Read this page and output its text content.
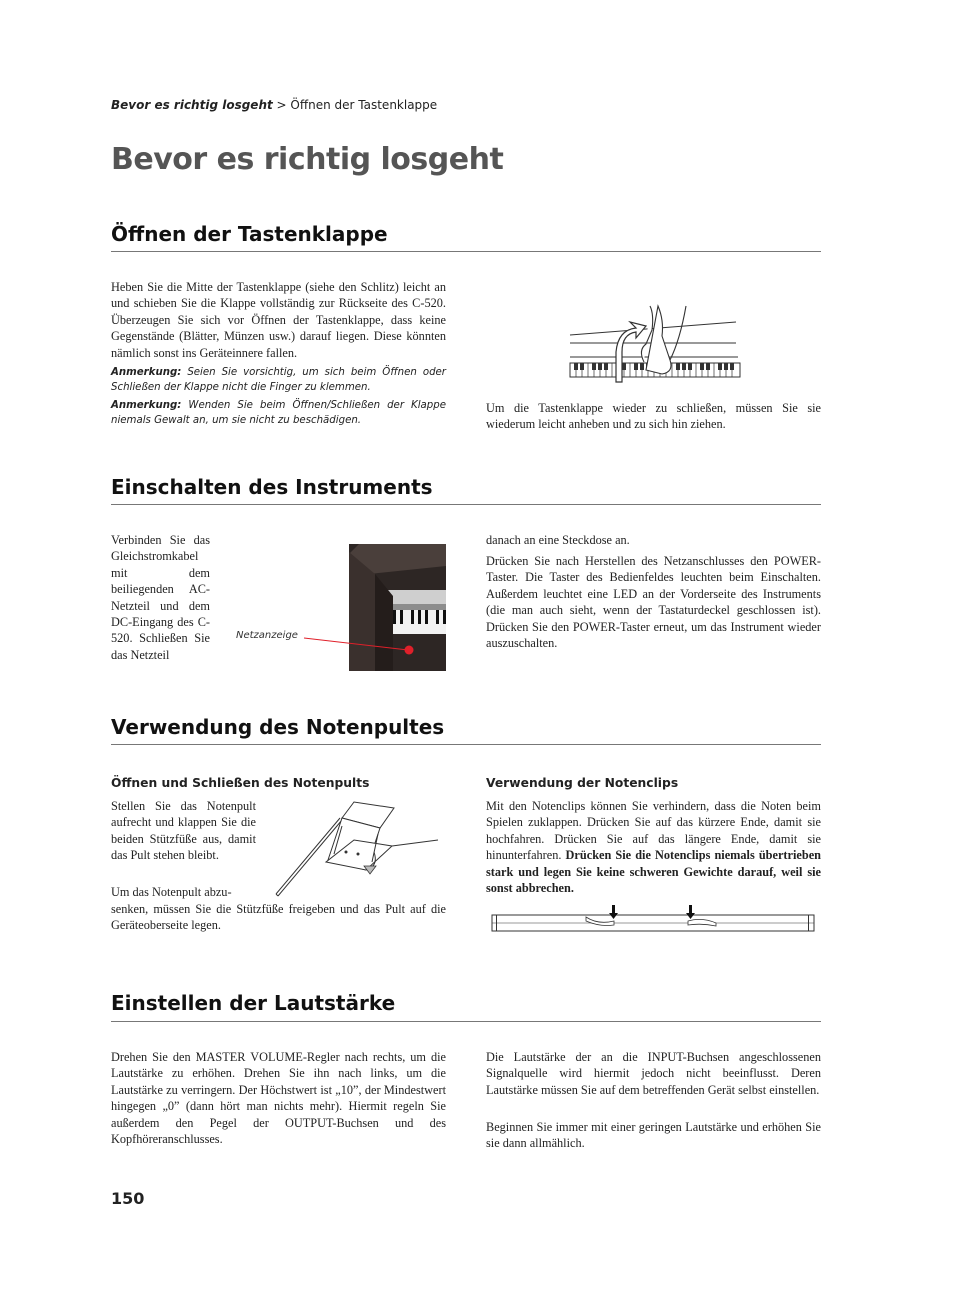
Bevor es richtig losgeht > Öffnen der Tastenklappe
Bevor es richtig losgeht
Öffnen der Tastenklappe
Heben Sie die Mitte der Tastenklappe (siehe den Schlitz) leicht an und schieben Sie die Klappe vollständig zur Rückseite des C-520. Überzeugen Sie sich vor Öffnen der Tastenklappe, dass keine Gegenstände (Blätter, Münzen usw.) darauf liegen. Diese könnten nämlich sonst ins Geräteinnere fallen.
Anmerkung: Seien Sie vorsichtig, um sich beim Öffnen oder Schließen der Klappe nicht die Finger zu klemmen.
Anmerkung: Wenden Sie beim Öffnen/Schließen der Klappe niemals Gewalt an, um sie nicht zu beschädigen.
Um die Tastenklappe wieder zu schließen, müssen Sie sie wiederum leicht anheben und zu sich hin ziehen.
Einschalten des Instruments
Verbinden Sie das Gleichstromkabel mit dem beiliegenden AC-Netzteil und dem DC-Eingang des C-520. Schließen Sie das Netzteil
Netzanzeige
danach an eine Steckdose an.
Drücken Sie nach Herstellen des Netzanschlusses den POWER-Taster. Die Taster des Bedienfeldes leuchten beim Einschalten. Außerdem leuchtet eine LED an der Vorderseite des Instruments (die man auch sieht, wenn der Tastaturdeckel geschlossen ist). Drücken Sie den POWER-Taster erneut, um das Instrument wieder auszuschalten.
Verwendung des Notenpultes
Öffnen und Schließen des Notenpults
Stellen Sie das Notenpult aufrecht und klappen Sie die beiden Stützfüße aus, damit das Pult stehen bleibt.
Um das Notenpult abzu-
senken, müssen Sie die Stützfüße freigeben und das Pult auf die Geräteoberseite legen.
Verwendung der Notenclips
Mit den Notenclips können Sie verhindern, dass die Noten beim Spielen zuklappen. Drücken Sie auf das kürzere Ende, damit sie hochfahren. Drücken Sie auf das längere Ende, damit sie hinunterfahren. Drücken Sie die Notenclips niemals übertrieben stark und legen Sie keine schweren Gewichte darauf, weil sie sonst abbrechen.
Einstellen der Lautstärke
Drehen Sie den MASTER VOLUME-Regler nach rechts, um die Lautstärke zu erhöhen. Drehen Sie ihn nach links, um die Lautstärke zu verringern. Der Höchstwert ist „10”, der Mindestwert hingegen „0” (dann hört man nichts mehr). Hiermit regeln Sie außerdem den Pegel der OUTPUT-Buchsen und des Kopfhöreranschlusses.
Die Lautstärke der an die INPUT-Buchsen angeschlossenen Signalquelle wird hiermit jedoch nicht beeinflusst. Deren Lautstärke müssen Sie auf dem betreffenden Gerät selbst einstellen.
Beginnen Sie immer mit einer geringen Lautstärke und erhöhen Sie sie dann allmählich.
150
